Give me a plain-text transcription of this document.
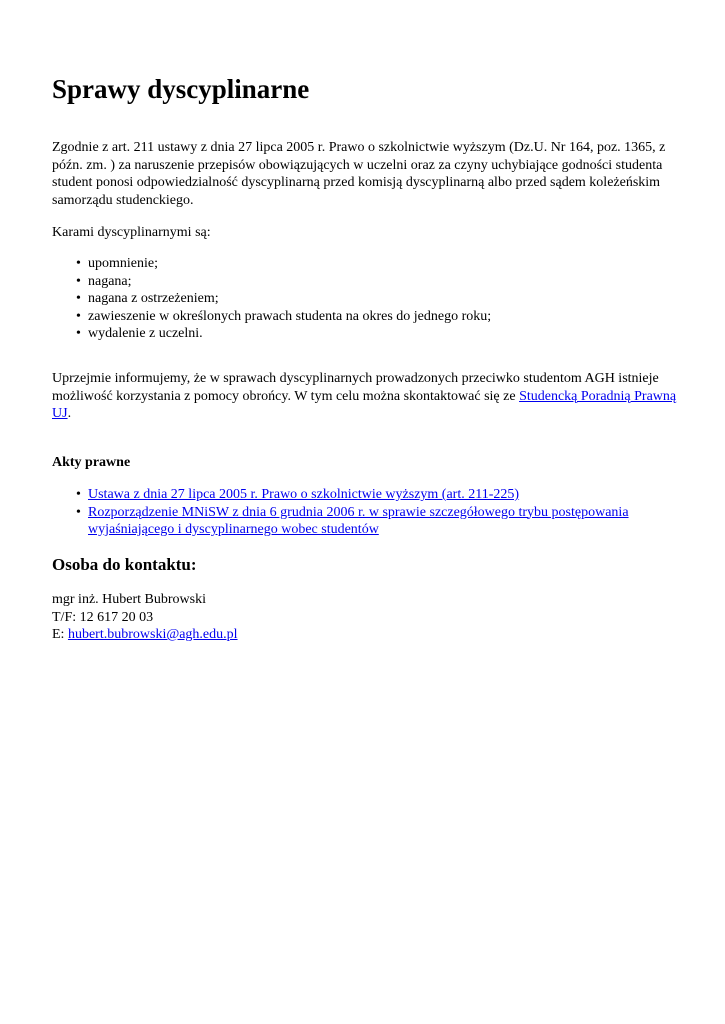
Sprawy dyscyplinarne

Zgodnie z art. 211 ustawy z dnia 27 lipca 2005 r. Prawo o szkolnictwie wyższym (Dz.U. Nr 164, poz. 1365, z późn. zm. ) za naruszenie przepisów obowiązujących w uczelni oraz za czyny uchybiające godności studenta student ponosi odpowiedzialność dyscyplinarną przed komisją dyscyplinarną albo przed sądem koleżeńskim samorządu studenckiego.

Karami dyscyplinarnymi są:

• upomnienie;
• nagana;
• nagana z ostrzeżeniem;
• zawieszenie w określonych prawach studenta na okres do jednego roku;
• wydalenie z uczelni.

Uprzejmie informujemy, że w sprawach dyscyplinarnych prowadzonych przeciwko studentom AGH istnieje możliwość korzystania z pomocy obrońcy. W tym celu można skontaktować się ze Studencką Poradnią Prawną UJ.

Akty prawne
• Ustawa z dnia 27 lipca 2005 r. Prawo o szkolnictwie wyższym (art. 211-225)
• Rozporządzenie MNiSW z dnia 6 grudnia 2006 r. w sprawie szczegółowego trybu postępowania wyjaśniającego i dyscyplinarnego wobec studentów
Osoba do kontaktu:
mgr inż. Hubert Bubrowski
T/F: 12 617 20 03
E: hubert.bubrowski@agh.edu.pl
